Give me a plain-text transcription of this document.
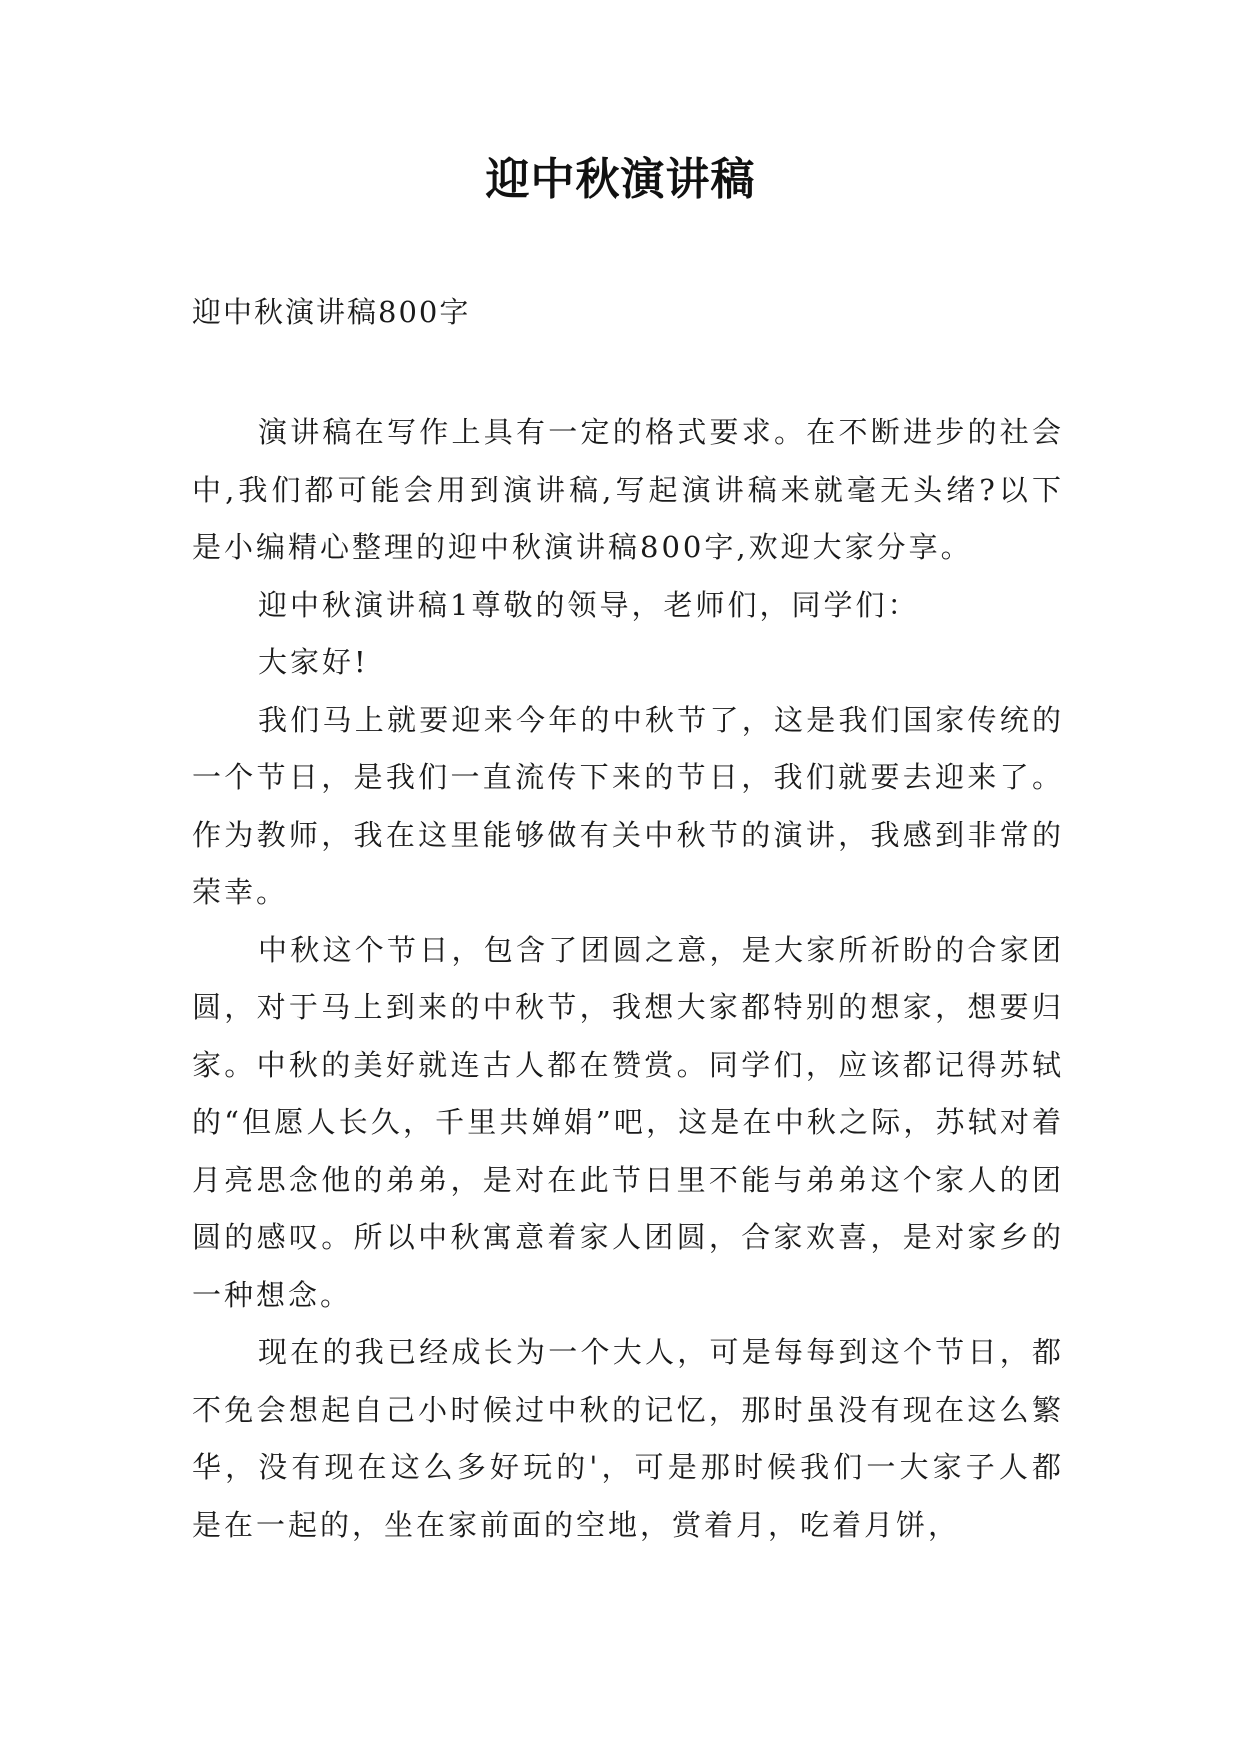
迎中秋演讲稿
迎中秋演讲稿800字

演讲稿在写作上具有一定的格式要求。在不断进步的社会中,我们都可能会用到演讲稿,写起演讲稿来就毫无头绪?以下是小编精心整理的迎中秋演讲稿800字,欢迎大家分享。

迎中秋演讲稿1尊敬的领导，老师们，同学们：

大家好!

我们马上就要迎来今年的中秋节了，这是我们国家传统的一个节日，是我们一直流传下来的节日，我们就要去迎来了。作为教师，我在这里能够做有关中秋节的演讲，我感到非常的荣幸。

中秋这个节日，包含了团圆之意，是大家所祈盼的合家团圆，对于马上到来的中秋节，我想大家都特别的想家，想要归家。中秋的美好就连古人都在赞赏。同学们，应该都记得苏轼的“但愿人长久，千里共婵娟”吧，这是在中秋之际，苏轼对着月亮思念他的弟弟，是对在此节日里不能与弟弟这个家人的团圆的感叹。所以中秋寓意着家人团圆，合家欢喜，是对家乡的一种想念。

现在的我已经成长为一个大人，可是每每到这个节日，都不免会想起自己小时候过中秋的记忆，那时虽没有现在这么繁华，没有现在这么多好玩的'，可是那时候我们一大家子人都是在一起的，坐在家前面的空地，赏着月，吃着月饼，
